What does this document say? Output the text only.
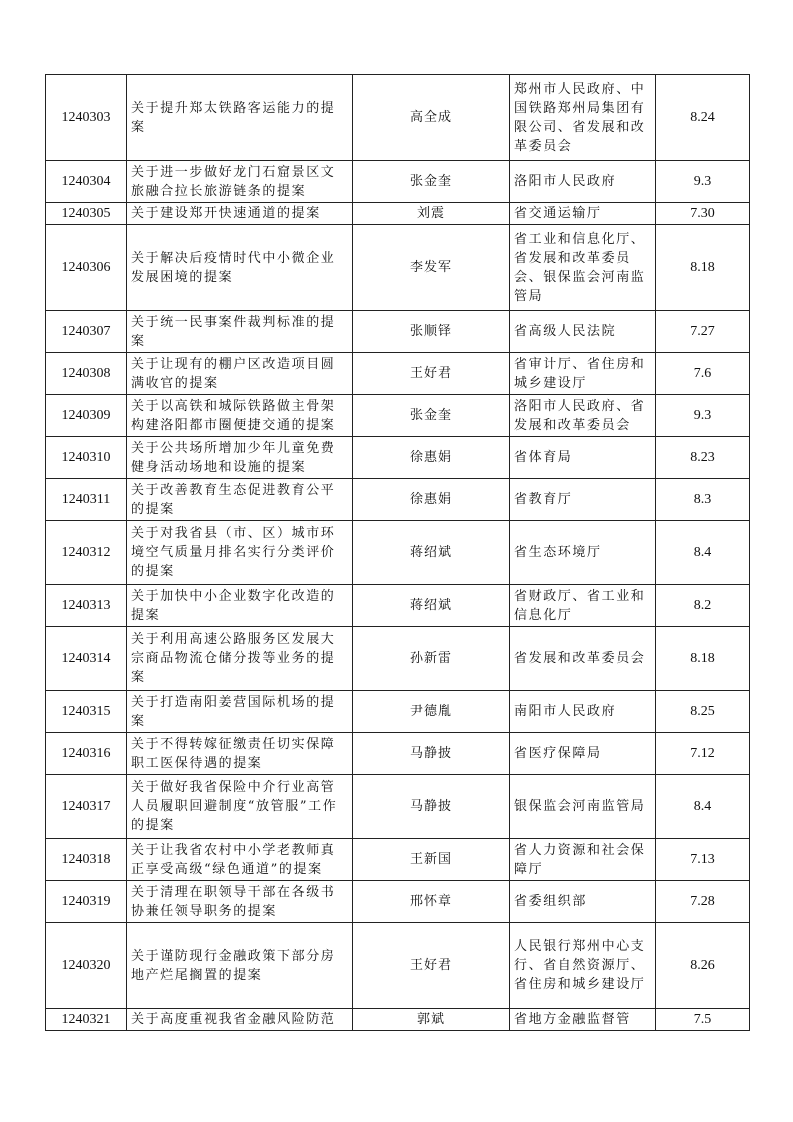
1240303	关于提升郑太铁路客运能力的提案	高全成	郑州市人民政府、中国铁路郑州局集团有限公司、省发展和改革委员会	8.24
1240304	关于进一步做好龙门石窟景区文旅融合拉长旅游链条的提案	张金奎	洛阳市人民政府	9.3
1240305	关于建设郑开快速通道的提案	刘震	省交通运输厅	7.30
1240306	关于解决后疫情时代中小微企业发展困境的提案	李发军	省工业和信息化厅、省发展和改革委员会、银保监会河南监管局	8.18
1240307	关于统一民事案件裁判标准的提案	张顺铎	省高级人民法院	7.27
1240308	关于让现有的棚户区改造项目圆满收官的提案	王好君	省审计厅、省住房和城乡建设厅	7.6
1240309	关于以高铁和城际铁路做主骨架构建洛阳都市圈便捷交通的提案	张金奎	洛阳市人民政府、省发展和改革委员会	9.3
1240310	关于公共场所增加少年儿童免费健身活动场地和设施的提案	徐惠娟	省体育局	8.23
1240311	关于改善教育生态促进教育公平的提案	徐惠娟	省教育厅	8.3
1240312	关于对我省县（市、区）城市环境空气质量月排名实行分类评价的提案	蒋绍斌	省生态环境厅	8.4
1240313	关于加快中小企业数字化改造的提案	蒋绍斌	省财政厅、省工业和信息化厅	8.2
1240314	关于利用高速公路服务区发展大宗商品物流仓储分拨等业务的提案	孙新雷	省发展和改革委员会	8.18
1240315	关于打造南阳姜营国际机场的提案	尹德胤	南阳市人民政府	8.25
1240316	关于不得转嫁征缴责任切实保障职工医保待遇的提案	马静披	省医疗保障局	7.12
1240317	关于做好我省保险中介行业高管人员履职回避制度“放管服”工作的提案	马静披	银保监会河南监管局	8.4
1240318	关于让我省农村中小学老教师真正享受高级“绿色通道”的提案	王新国	省人力资源和社会保障厅	7.13
1240319	关于清理在职领导干部在各级书协兼任领导职务的提案	邢怀章	省委组织部	7.28
1240320	关于谨防现行金融政策下部分房地产烂尾搁置的提案	王好君	人民银行郑州中心支行、省自然资源厅、省住房和城乡建设厅	8.26
1240321	关于高度重视我省金融风险防范	郭斌	省地方金融监督管	7.5
